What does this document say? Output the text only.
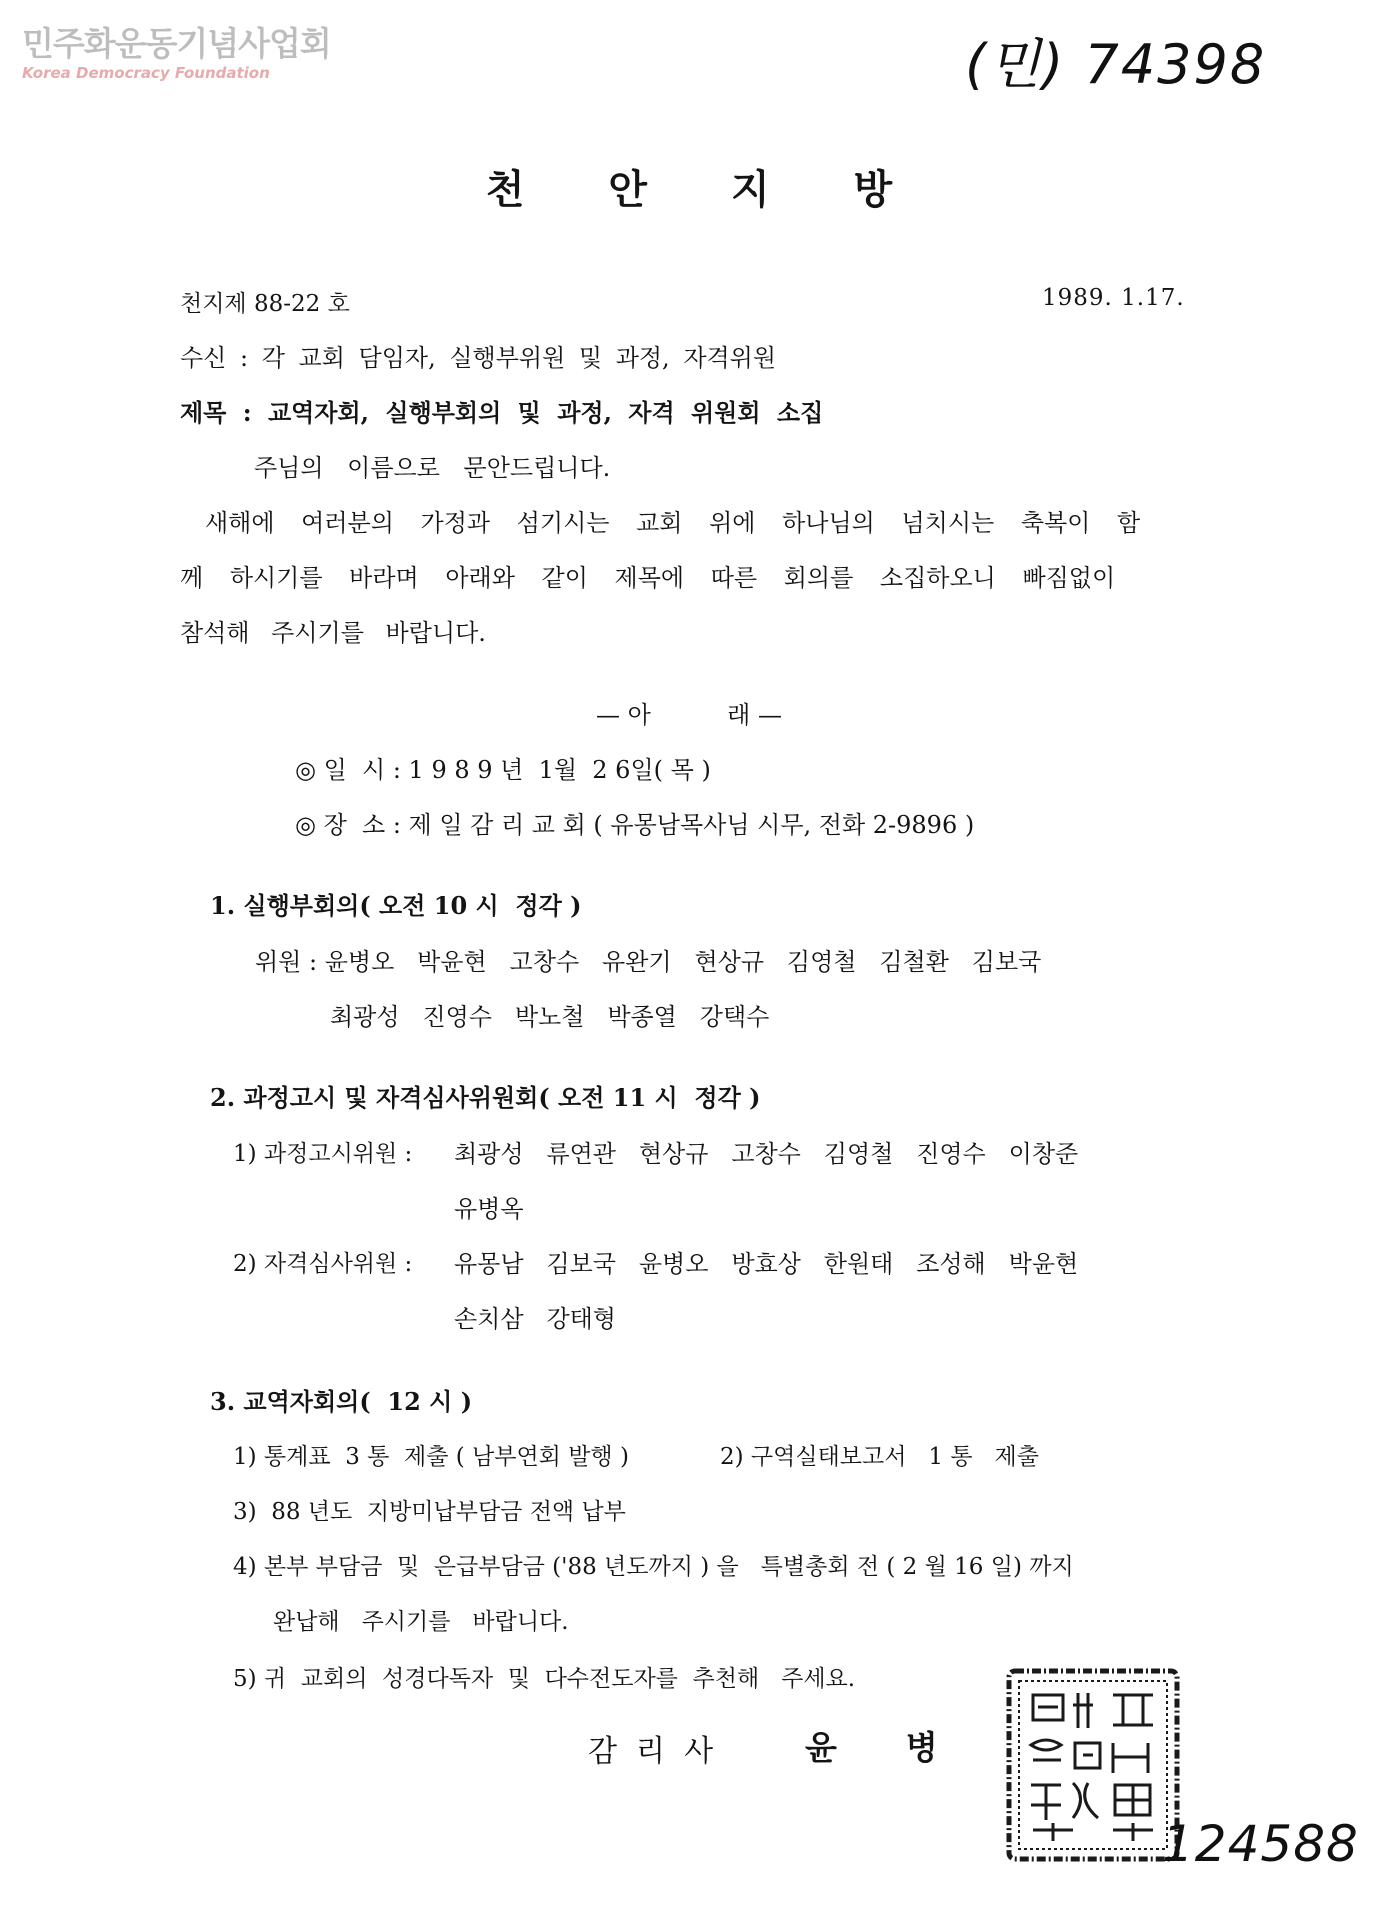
민주화운동기념사업회
Korea Democracy Foundation	(민) 74398
천 안 지 방
천지제 88-22 호	1989. 1.17.
수신 : 각 교회 담임자, 실행부위원 및 과정, 자격위원
제목 : 교역자회, 실행부회의 및 과정, 자격 위원회 소집
주님의 이름으로 문안드립니다.
새해에 여러분의 가정과 섬기시는 교회 위에 하나님의 넘치시는 축복이 함
께 하시기를 바라며 아래와 같이 제목에 따른 회의를 소집하오니 빠짐없이
참석해 주시기를 바랍니다.
— 아          래 —
◎ 일  시 : 1 9 8 9 년  1월  2 6일( 목 )
◎ 장  소 : 제 일 감 리 교 회 ( 유몽남목사님 시무, 전화 2-9896 )
1. 실행부회의( 오전 10 시  정각 )
위원 : 윤병오   박윤현   고창수   유완기   현상규   김영철   김철환   김보국
최광성   진영수   박노철   박종열   강택수
2. 과정고시 및 자격심사위원회( 오전 11 시  정각 )
1) 과정고시위원 : 최광성   류연관   현상규   고창수   김영철   진영수   이창준
유병옥
2) 자격심사위원 : 유몽남   김보국   윤병오   방효상   한원태   조성해   박윤현
손치삼   강태형
3. 교역자회의(  12 시 )
1) 통계표  3 통  제출 ( 남부연회 발행 )	2) 구역실태보고서   1 통   제출
3)  88 년도  지방미납부담금 전액 납부
4) 본부 부담금  및  은급부담금 ('88 년도까지 ) 을   특별총회 전 ( 2 월 16 일) 까지
완납해   주시기를   바랍니다.
5) 귀  교회의  성경다독자  및  다수전도자를  추천해   주세요.
감  리  사	윤      병
124588
